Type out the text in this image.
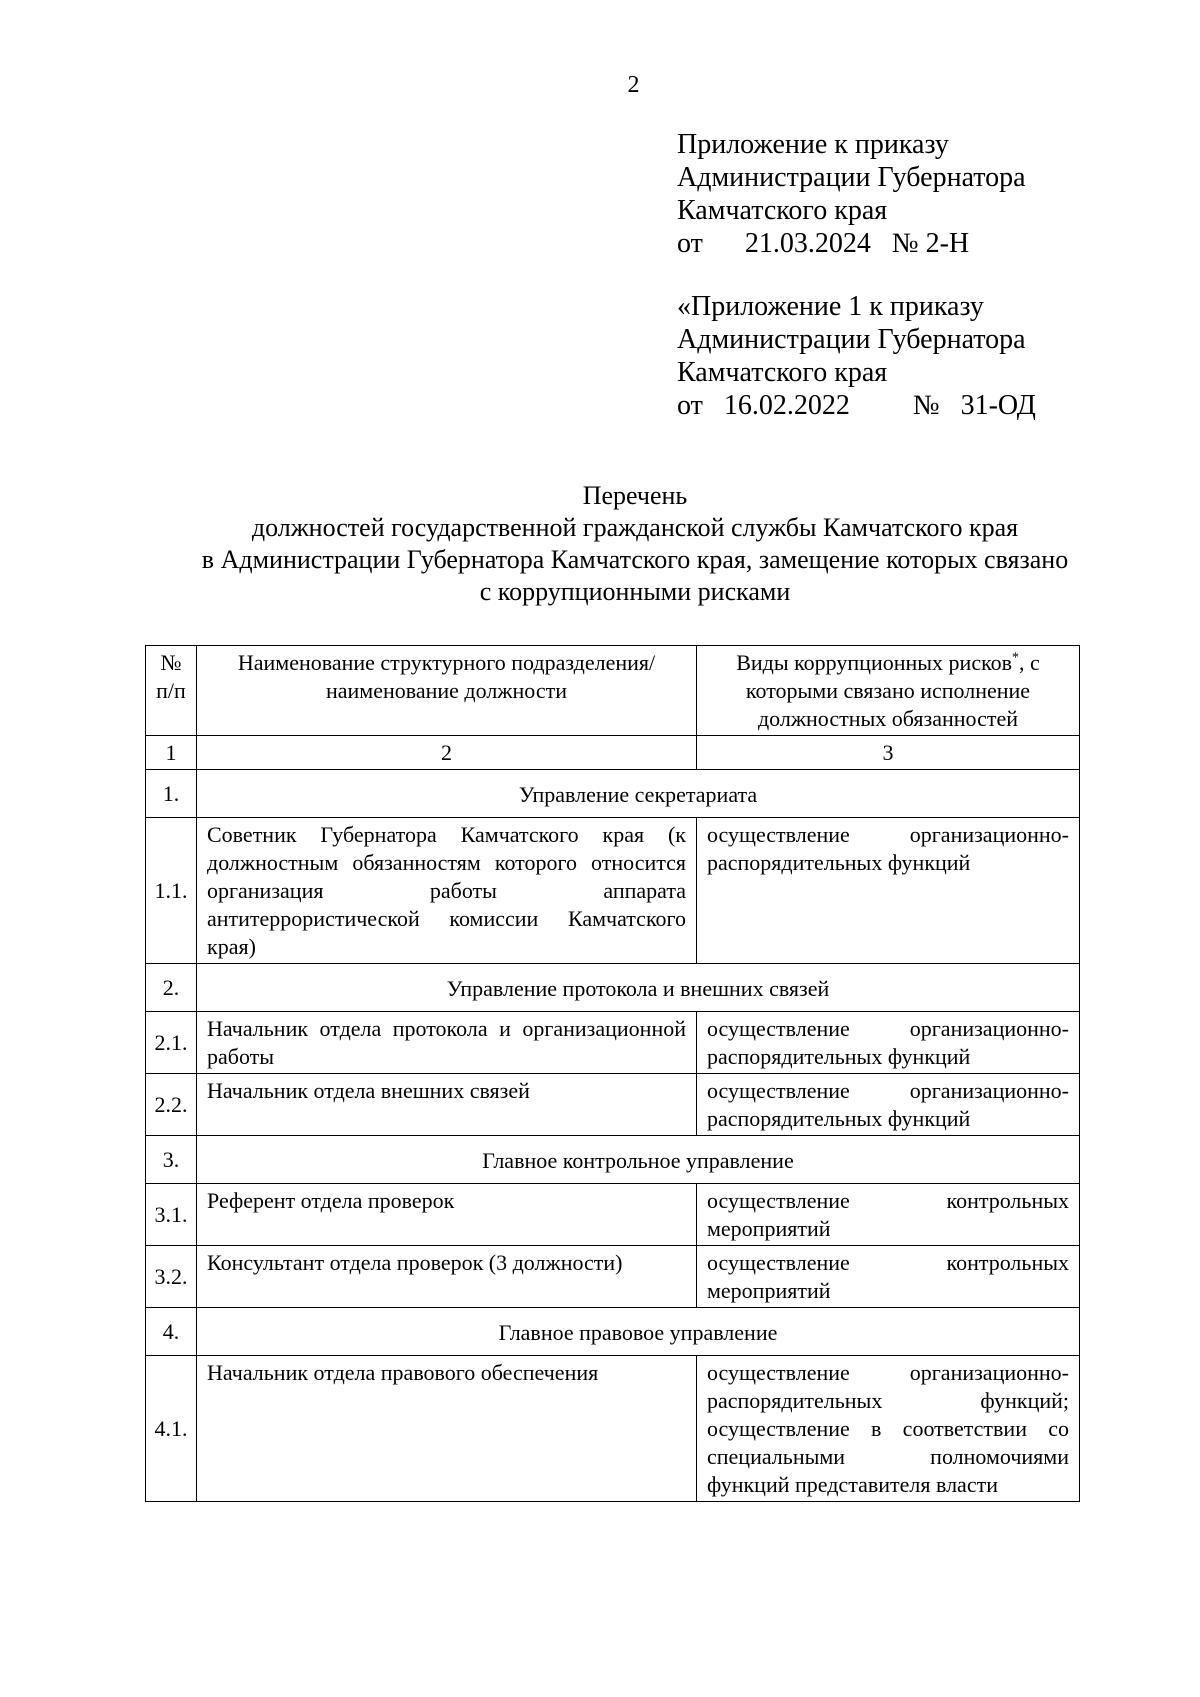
2
Приложение к приказу
Администрации Губернатора
Камчатского края
от      21.03.2024   № 2-Н
«Приложение 1 к приказу
Администрации Губернатора
Камчатского края
от   16.02.2022         №   31-ОД
Перечень
должностей государственной гражданской службы Камчатского края
в Администрации Губернатора Камчатского края, замещение которых связано
с коррупционными рисками
№ п/п	Наименование структурного подразделения/ наименование должности	Виды коррупционных рисков*, с которыми связано исполнение должностных обязанностей
1	2	3
1.	Управление секретариата	
1.1.	Советник Губернатора Камчатского края (к должностным обязанностям которого относится организация работы аппарата антитеррористической комиссии Камчатского края)	осуществление организационно-распорядительных функций
2.	Управление протокола и внешних связей	
2.1.	Начальник отдела протокола и организационной работы	осуществление организационно-распорядительных функций
2.2.	Начальник отдела внешних связей	осуществление организационно-распорядительных функций
3.	Главное контрольное управление	
3.1.	Референт отдела проверок	осуществление контрольных мероприятий
3.2.	Консультант отдела проверок (3 должности)	осуществление контрольных мероприятий
4.	Главное правовое управление	
4.1.	Начальник отдела правового обеспечения	осуществление организационно-распорядительных функций; осуществление в соответствии со специальными полномочиями функций представителя власти
